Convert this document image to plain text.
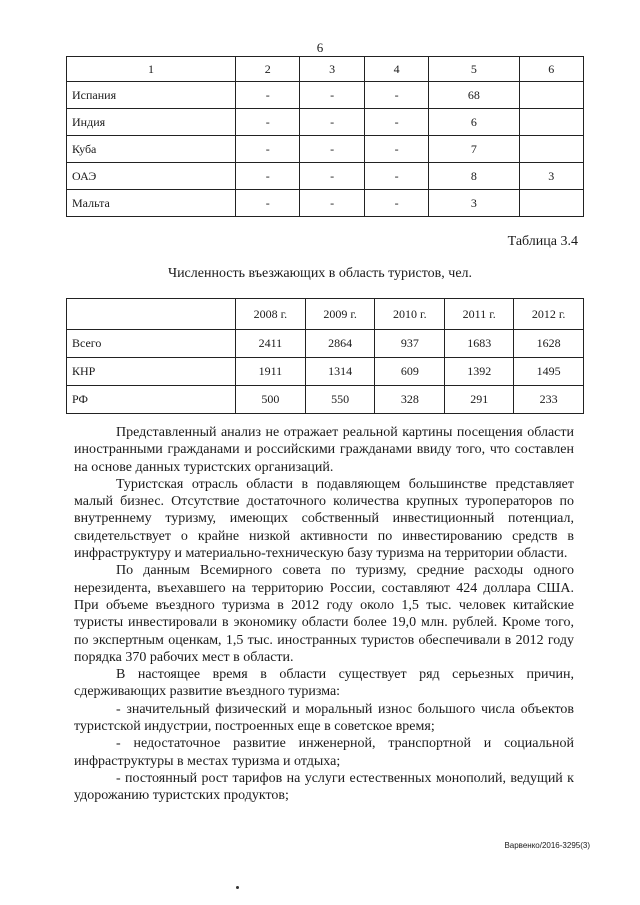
6
1	2	3	4	5	6
Испания	-	-	-	68	
Индия	-	-	-	6	
Куба	-	-	-	7	
ОАЭ	-	-	-	8	3
Мальта	-	-	-	3	
Таблица 3.4
Численность въезжающих в область туристов, чел.
	2008 г.	2009 г.	2010 г.	2011 г.	2012 г.
Всего	2411	2864	937	1683	1628
КНР	1911	1314	609	1392	1495
РФ	500	550	328	291	233

Представленный анализ не отражает реальной картины посещения области иностранными гражданами и российскими гражданами ввиду того, что составлен на основе данных туристских организаций.

Туристская отрасль области в подавляющем большинстве представляет малый бизнес. Отсутствие достаточного количества крупных туроператоров по внутреннему туризму, имеющих собственный инвестиционный потенциал, свидетельствует о крайне низкой активности по инвестированию средств в инфраструктуру и материально-техническую базу туризма на территории области.

По данным Всемирного совета по туризму, средние расходы одного нерезидента, въехавшего на территорию России, составляют 424 доллара США. При объеме въездного туризма в 2012 году около 1,5 тыс. человек китайские туристы инвестировали в экономику области более 19,0 млн. рублей. Кроме того, по экспертным оценкам, 1,5 тыс. иностранных туристов обеспечивали в 2012 году порядка 370 рабочих мест в области.

В настоящее время в области существует ряд серьезных причин, сдерживающих развитие въездного туризма:

- значительный физический и моральный износ большого числа объектов туристской индустрии, построенных еще в советское время;

- недостаточное развитие инженерной, транспортной и социальной инфраструктуры в местах туризма и отдыха;

- постоянный рост тарифов на услуги естественных монополий, ведущий к удорожанию туристских продуктов;

Варвенко/2016-3295(3)
